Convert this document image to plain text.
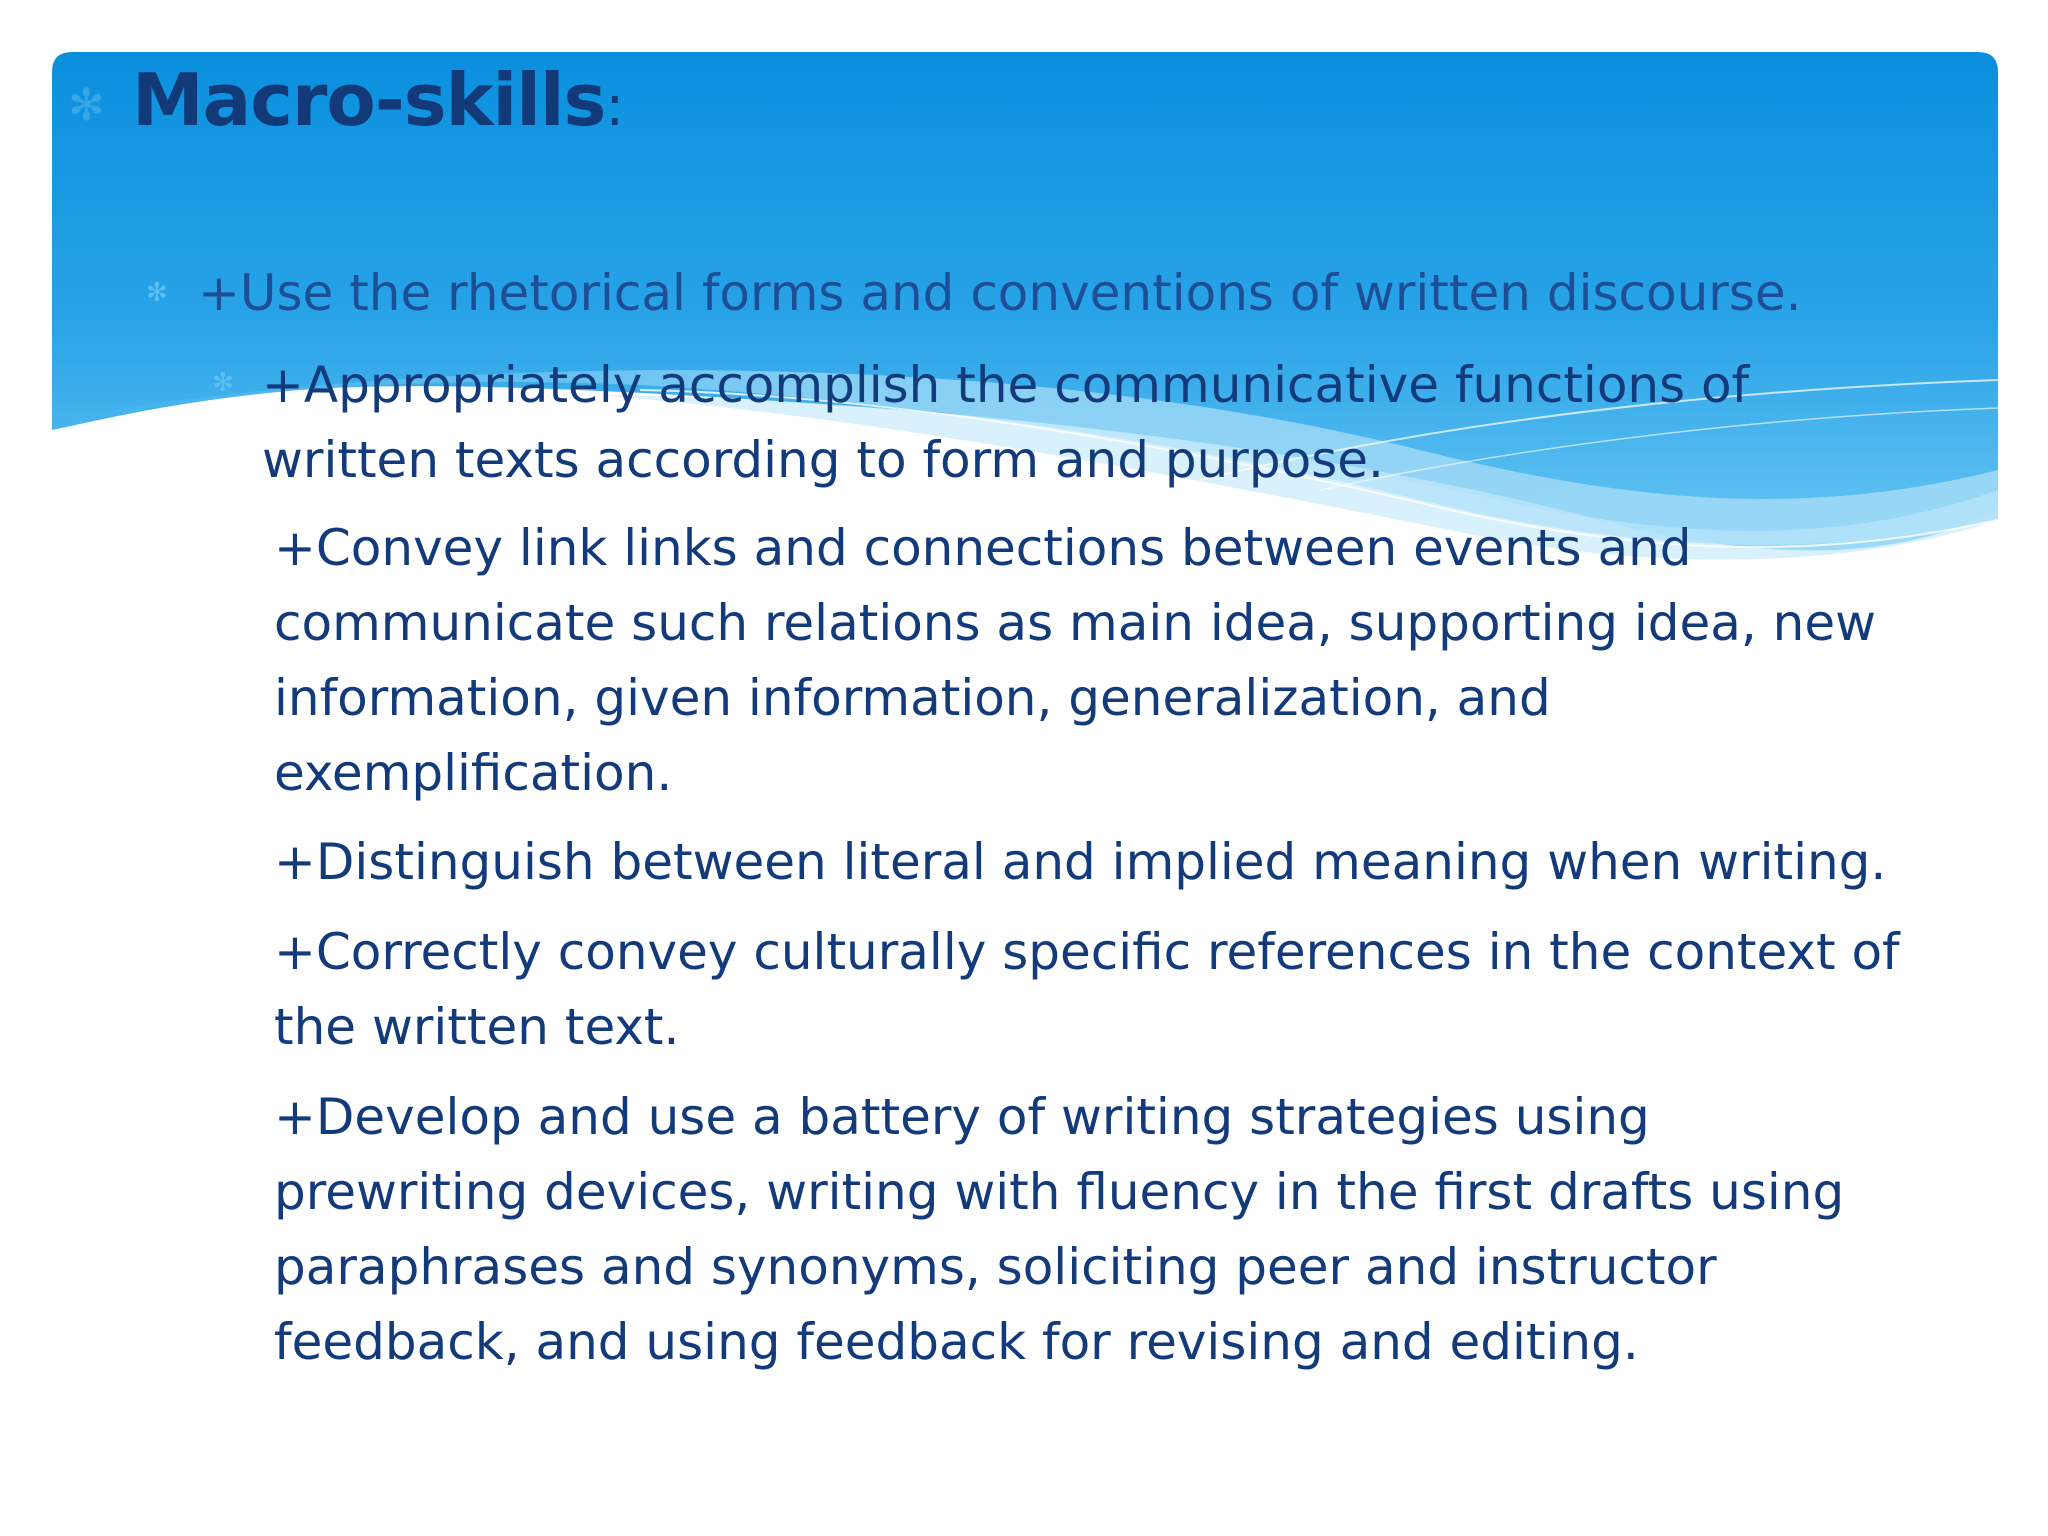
✻ Macro-skills:
✻ +Use the rhetorical forms and conventions of written discourse.
✻ +Appropriately accomplish the communicative functions of
written texts according to form and purpose.
+Convey link links and connections between events and
communicate such relations as main idea, supporting idea, new
information, given information, generalization, and
exemplification.
+Distinguish between literal and implied meaning when writing.
+Correctly convey culturally specific references in the context of
the written text.
+Develop and use a battery of writing strategies using
prewriting devices, writing with fluency in the first drafts using
paraphrases and synonyms, soliciting peer and instructor
feedback, and using feedback for revising and editing.
